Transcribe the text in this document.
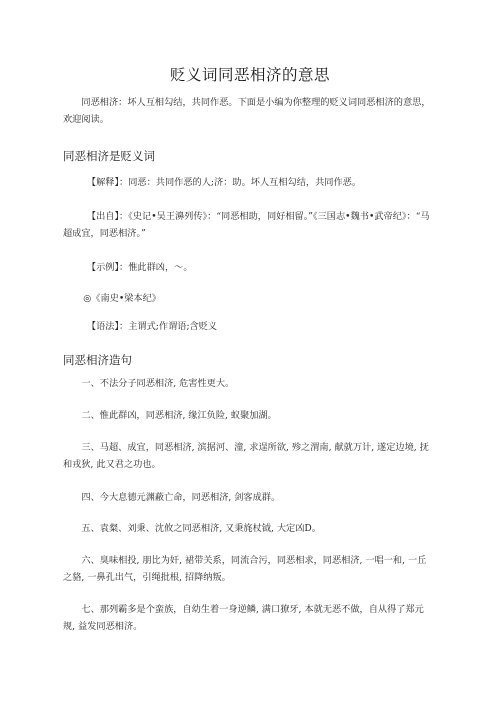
贬义词同恶相济的意思
同恶相济：坏人互相勾结，共同作恶。下面是小编为你整理的贬义词同恶相济的意思，欢迎阅读。
同恶相济是贬义词
【解释】：同恶：共同作恶的人;济：助。坏人互相勾结，共同作恶。
【出自】：《史记•吴王濞列传》：“同恶相助，同好相留。”《三国志•魏书•武帝纪》：“马超成宜，同恶相济。”
【示例】：惟此群凶，～。
◎《南史•梁本纪》
【语法】：主谓式;作谓语;含贬义
同恶相济造句
一、不法分子同恶相济, 危害性更大。
二、惟此群凶，同恶相济, 缘江负险, 蚁聚加湖。
三、马超、成宜，同恶相济, 滨据河、潼, 求逞所欲, 殄之渭南, 献就万计, 遂定边境, 抚和戎狄, 此又君之功也。
四、今大息德元渊蔽亡命，同恶相济, 剑客成群。
五、袁粲、刘秉、沈攸之同恶相济, 又秉旄杖钺, 大定凶D。
六、臭味相投, 朋比为奸, 裙带关系，同流合污，同恶相求，同恶相济, 一唱一和, 一丘之貉, 一鼻孔出气，引绳批根, 招降纳叛。
七、那列霸多是个蛮族，自幼生着一身逆鳞, 满口獠牙, 本就无恶不做，自从得了郑元规, 益发同恶相济。
